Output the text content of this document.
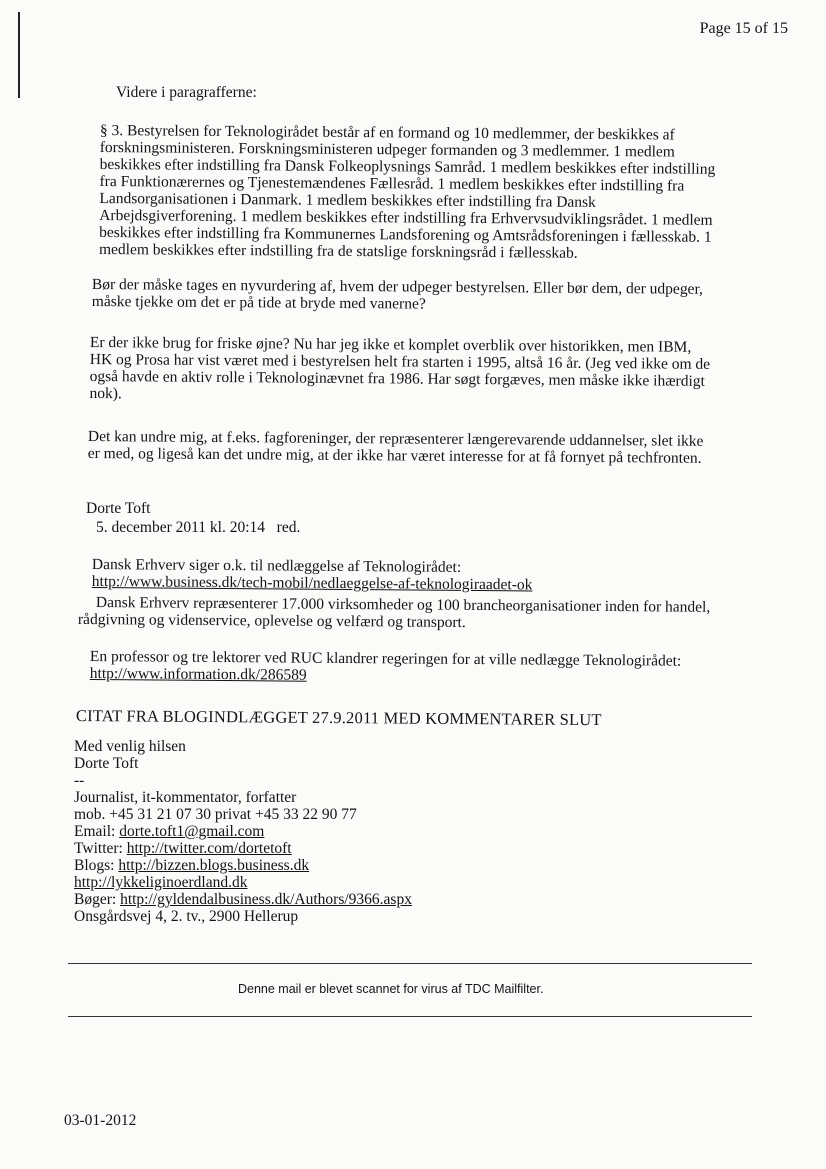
Page 15 of 15
Videre i paragrafferne:
§ 3. Bestyrelsen for Teknologirådet består af en formand og 10 medlemmer, der beskikkes af
forskningsministeren. Forskningsministeren udpeger formanden og 3 medlemmer. 1 medlem
beskikkes efter indstilling fra Dansk Folkeoplysnings Samråd. 1 medlem beskikkes efter indstilling
fra Funktionærernes og Tjenestemændenes Fællesråd. 1 medlem beskikkes efter indstilling fra
Landsorganisationen i Danmark. 1 medlem beskikkes efter indstilling fra Dansk
Arbejdsgiverforening. 1 medlem beskikkes efter indstilling fra Erhvervsudviklingsrådet. 1 medlem
beskikkes efter indstilling fra Kommunernes Landsforening og Amtsrådsforeningen i fællesskab. 1
medlem beskikkes efter indstilling fra de statslige forskningsråd i fællesskab.
Bør der måske tages en nyvurdering af, hvem der udpeger bestyrelsen. Eller bør dem, der udpeger,
måske tjekke om det er på tide at bryde med vanerne?
Er der ikke brug for friske øjne? Nu har jeg ikke et komplet overblik over historikken, men IBM,
HK og Prosa har vist været med i bestyrelsen helt fra starten i 1995, altså 16 år. (Jeg ved ikke om de
også havde en aktiv rolle i Teknologinævnet fra 1986. Har søgt forgæves, men måske ikke ihærdigt
nok).
Det kan undre mig, at f.eks. fagforeninger, der repræsenterer længerevarende uddannelser, slet ikke
er med, og ligeså kan det undre mig, at der ikke har været interesse for at få fornyet på techfronten.
Dorte Toft
5. december 2011 kl. 20:14 red.
Dansk Erhverv siger o.k. til nedlæggelse af Teknologirådet:
http://www.business.dk/tech-mobil/nedlaeggelse-af-teknologiraadet-ok
Dansk Erhverv repræsenterer 17.000 virksomheder og 100 brancheorganisationer inden for handel,
rådgivning og videnservice, oplevelse og velfærd og transport.
En professor og tre lektorer ved RUC klandrer regeringen for at ville nedlægge Teknologirådet:
http://www.information.dk/286589
CITAT FRA BLOGINDLÆGGET 27.9.2011 MED KOMMENTARER SLUT
Med venlig hilsen
Dorte Toft
--
Journalist, it-kommentator, forfatter
mob. +45 31 21 07 30 privat +45 33 22 90 77
Email: dorte.toft1@gmail.com
Twitter: http://twitter.com/dortetoft
Blogs: http://bizzen.blogs.business.dk
http://lykkeliginoerdland.dk
Bøger: http://gyldendalbusiness.dk/Authors/9366.aspx
Onsgårdsvej 4, 2. tv., 2900 Hellerup
Denne mail er blevet scannet for virus af TDC Mailfilter.
03-01-2012
